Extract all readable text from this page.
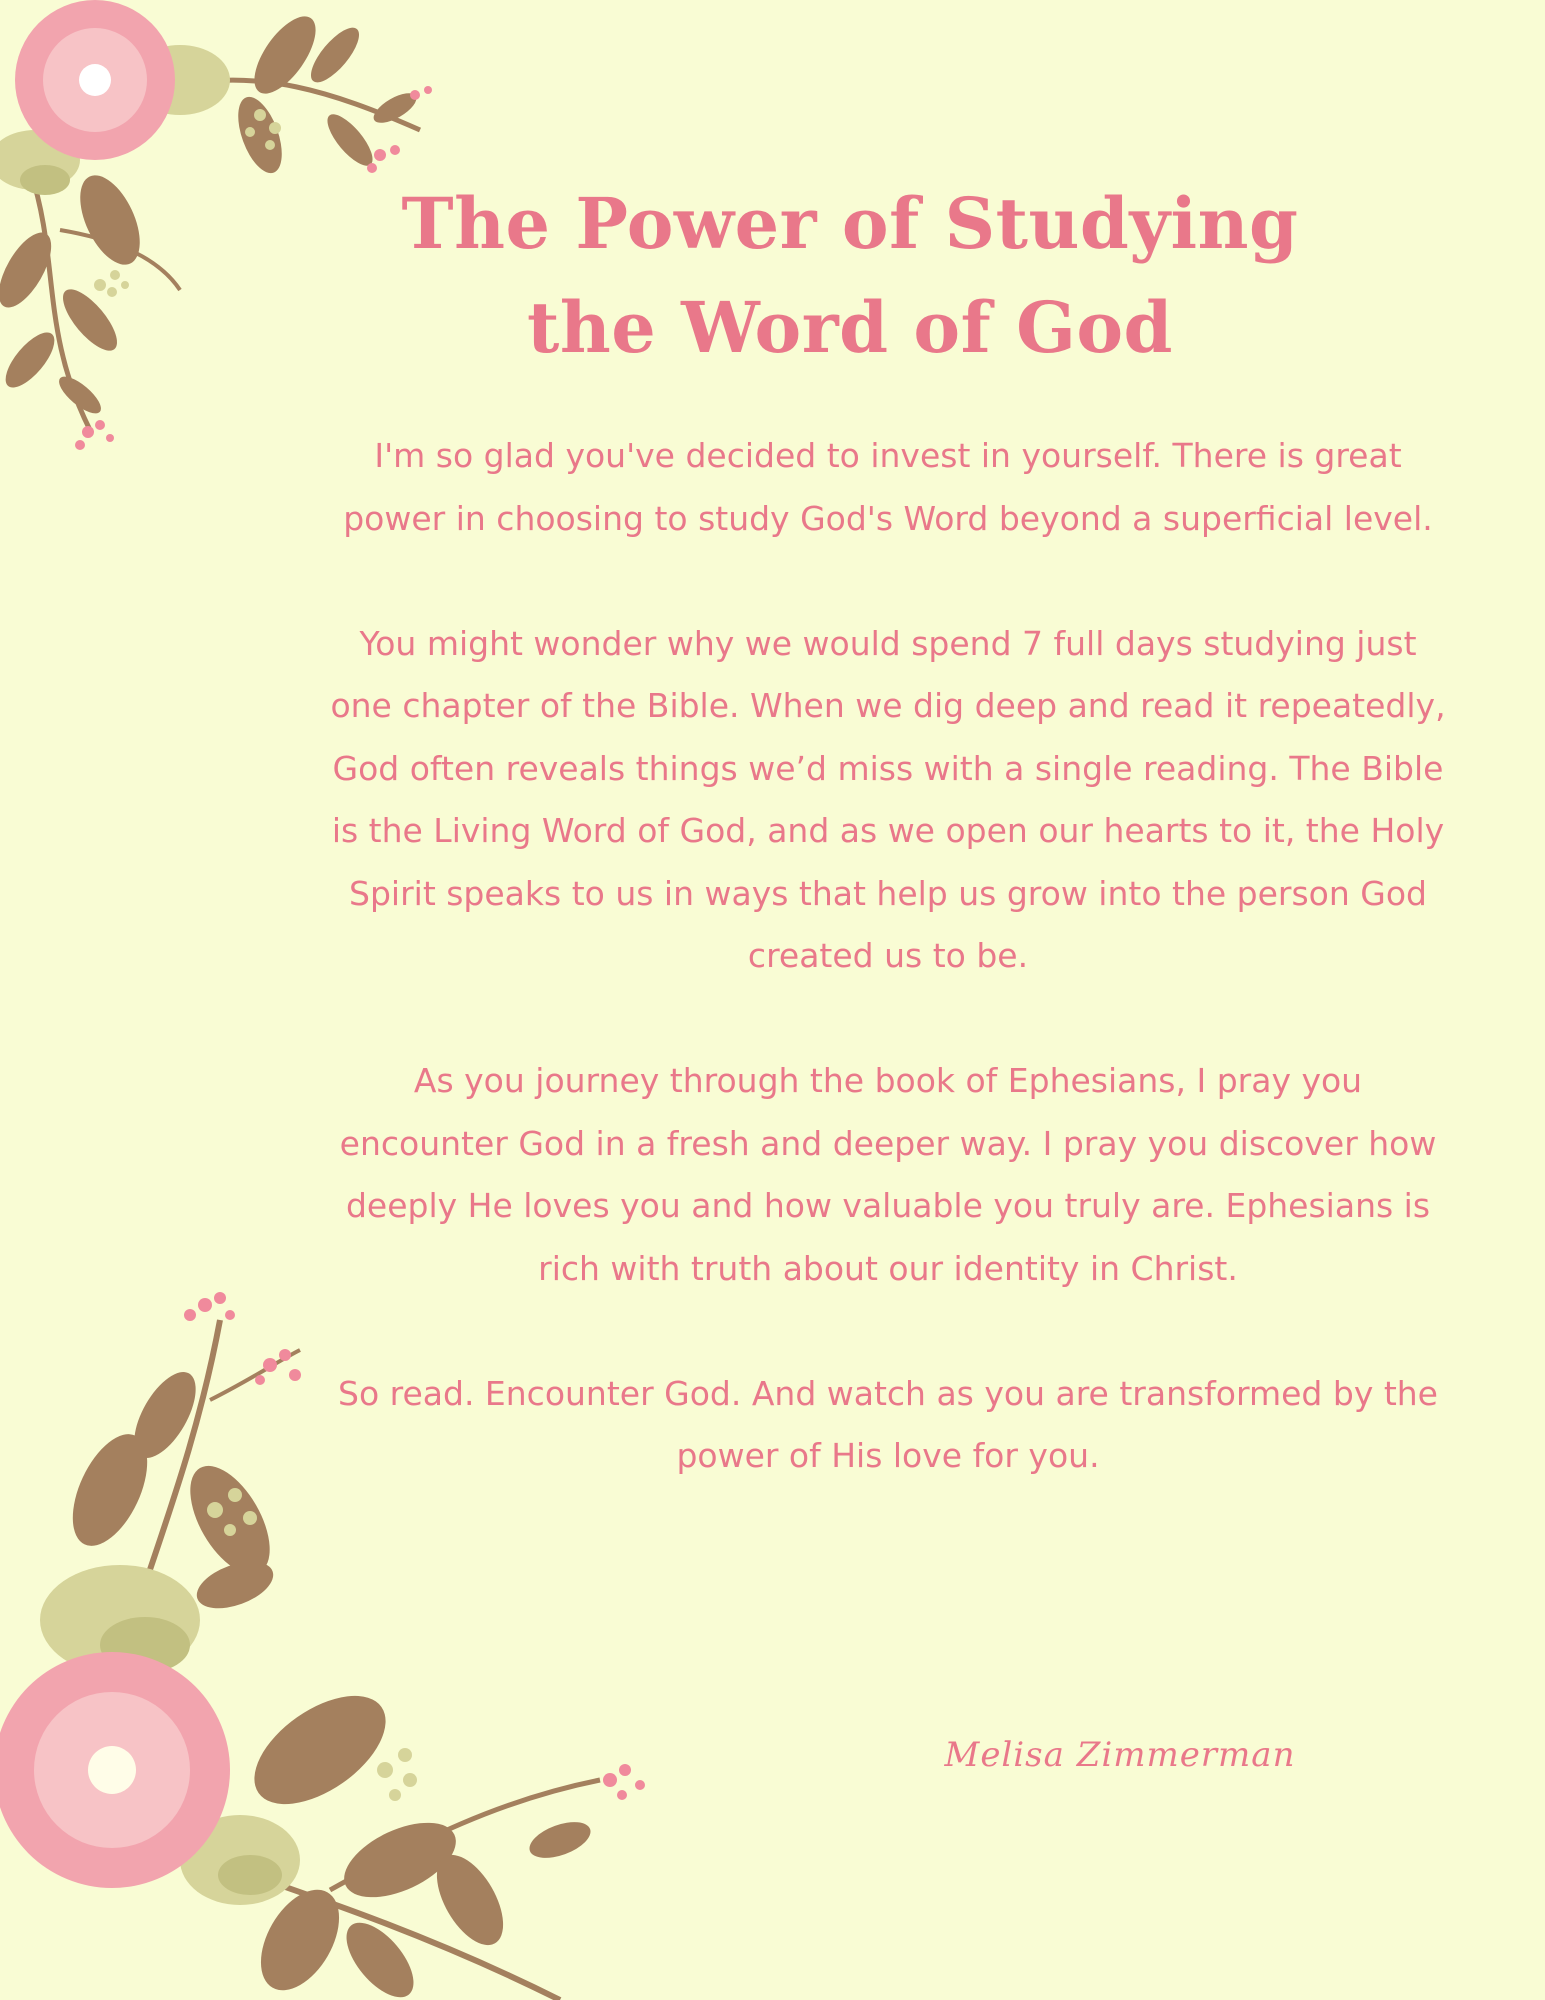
The Power of Studying
the Word of God

I'm so glad you've decided to invest in yourself. There is great power in choosing to study God's Word beyond a superficial level.

You might wonder why we would spend 7 full days studying just one chapter of the Bible. When we dig deep and read it repeatedly, God often reveals things we’d miss with a single reading. The Bible is the Living Word of God, and as we open our hearts to it, the Holy Spirit speaks to us in ways that help us grow into the person God created us to be.

As you journey through the book of Ephesians, I pray you encounter God in a fresh and deeper way. I pray you discover how deeply He loves you and how valuable you truly are. Ephesians is rich with truth about our identity in Christ.

So read. Encounter God. And watch as you are transformed by the power of His love for you.

Melisa Zimmerman
